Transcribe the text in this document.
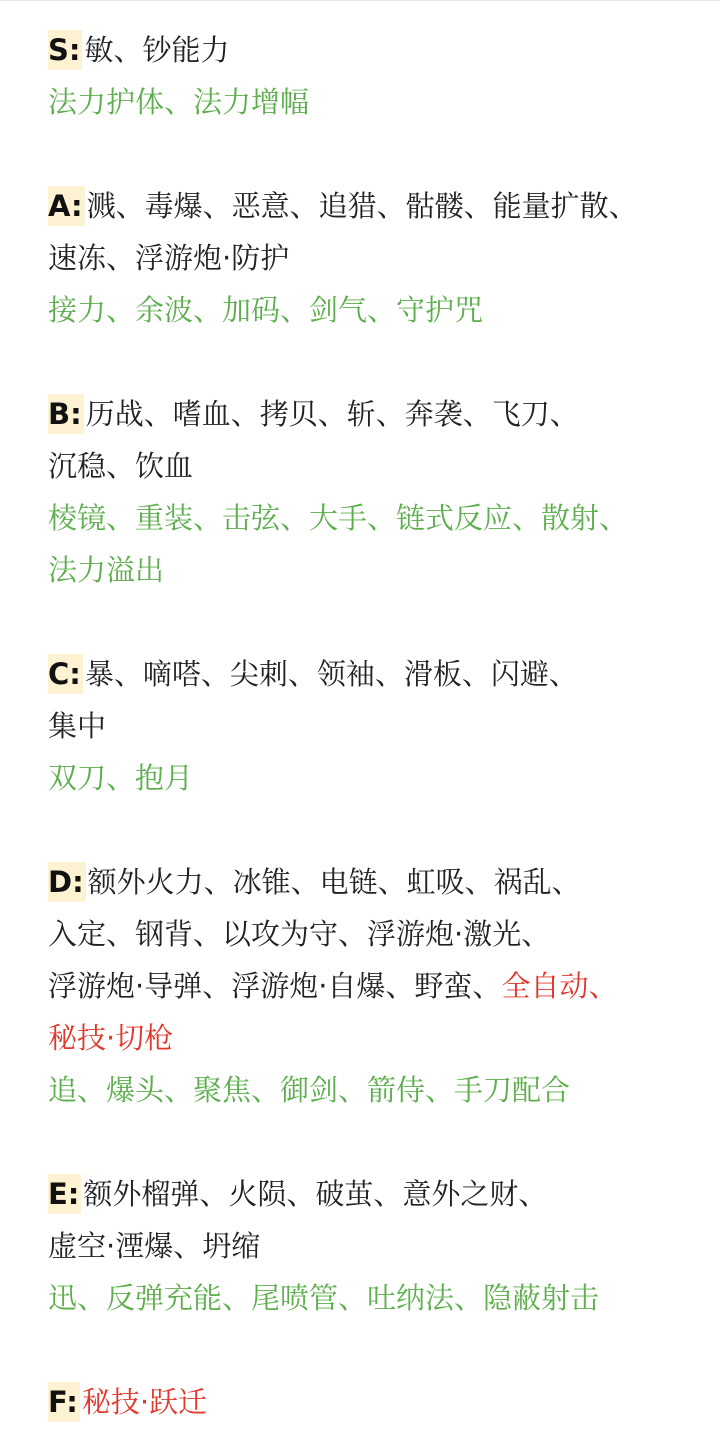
S: 敏、钞能力
法力护体、法力增幅
A: 溅、毒爆、恶意、追猎、骷髅、能量扩散、
速冻、浮游炮·防护
接力、余波、加码、剑气、守护咒
B: 历战、嗜血、拷贝、斩、奔袭、飞刀、
沉稳、饮血
棱镜、重装、击弦、大手、链式反应、散射、
法力溢出
C: 暴、嘀嗒、尖刺、领袖、滑板、闪避、
集中
双刀、抱月
D: 额外火力、冰锥、电链、虹吸、祸乱、
入定、钢背、以攻为守、浮游炮·激光、
浮游炮·导弹、浮游炮·自爆、野蛮、全自动、
秘技·切枪
追、爆头、聚焦、御剑、箭侍、手刀配合
E: 额外榴弹、火陨、破茧、意外之财、
虚空·湮爆、坍缩
迅、反弹充能、尾喷管、吐纳法、隐蔽射击
F: 秘技·跃迁
